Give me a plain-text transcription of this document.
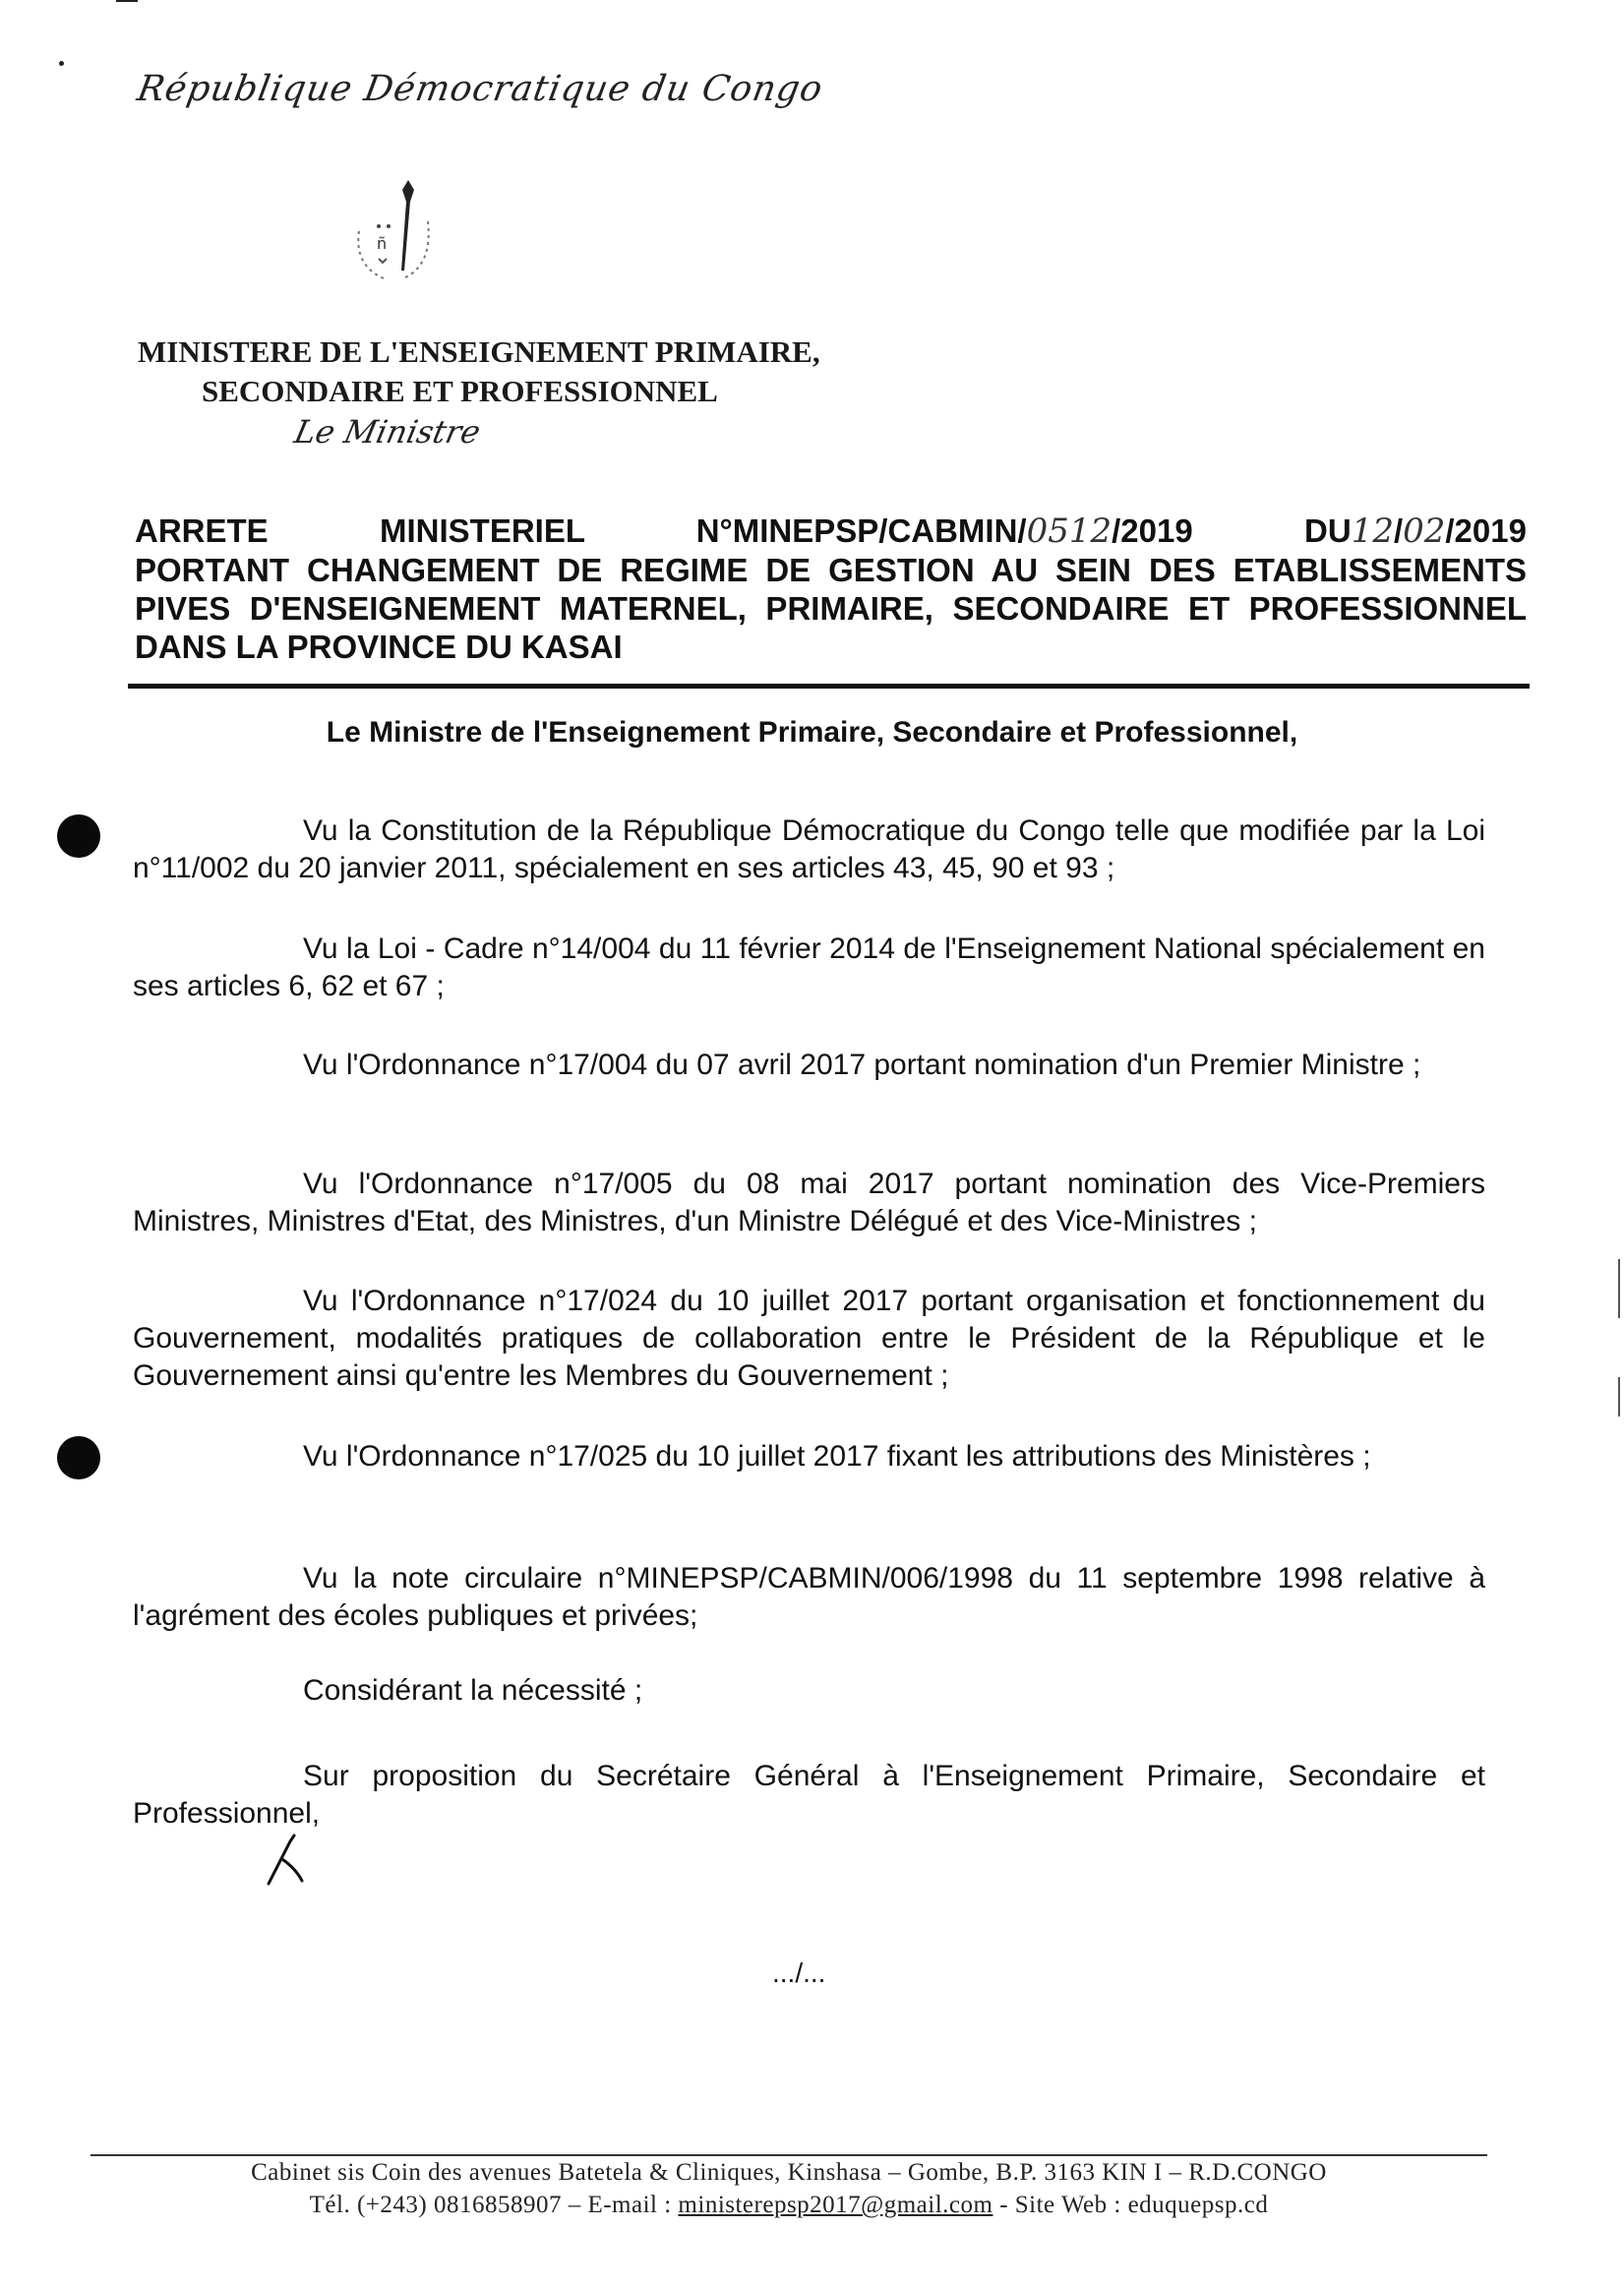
République Démocratique du Congo
ñ
MINISTERE DE L'ENSEIGNEMENT PRIMAIRE,
SECONDAIRE ET PROFESSIONNEL
Le Ministre
ARRETE MINISTERIEL N°MINEPSP/CABMIN/0512/2019 DU12/02/2019
PORTANT CHANGEMENT DE REGIME DE GESTION AU SEIN DES ETABLISSEMENTS
PIVES D'ENSEIGNEMENT MATERNEL, PRIMAIRE, SECONDAIRE ET PROFESSIONNEL
DANS LA PROVINCE DU KASAI
Le Ministre de l'Enseignement Primaire, Secondaire et Professionnel,
Vu la Constitution de la République Démocratique du Congo telle que modifiée par la Loi n°11/002 du 20 janvier 2011, spécialement en ses articles 43, 45, 90 et 93 ;
Vu la Loi - Cadre n°14/004 du 11 février 2014 de l'Enseignement National spécialement en ses articles 6, 62 et 67 ;
Vu l'Ordonnance n°17/004 du 07 avril 2017 portant nomination d'un Premier Ministre ;
Vu l'Ordonnance n°17/005 du 08 mai 2017 portant nomination des Vice-Premiers Ministres, Ministres d'Etat, des Ministres, d'un Ministre Délégué et des Vice-Ministres ;
Vu l'Ordonnance n°17/024 du 10 juillet 2017 portant organisation et fonctionnement du Gouvernement, modalités pratiques de collaboration entre le Président de la République et le Gouvernement ainsi qu'entre les Membres du Gouvernement ;
Vu l'Ordonnance n°17/025 du 10 juillet 2017 fixant les attributions des Ministères ;
Vu la note circulaire n°MINEPSP/CABMIN/006/1998 du 11 septembre 1998 relative à l'agrément des écoles publiques et privées;
Considérant la nécessité ;
Sur proposition du Secrétaire Général à l'Enseignement Primaire, Secondaire et Professionnel,
.../...
Cabinet sis Coin des avenues Batetela & Cliniques, Kinshasa – Gombe, B.P. 3163 KIN I – R.D.CONGO
Tél. (+243) 0816858907 – E-mail : ministerepsp2017@gmail.com - Site Web : eduquepsp.cd
